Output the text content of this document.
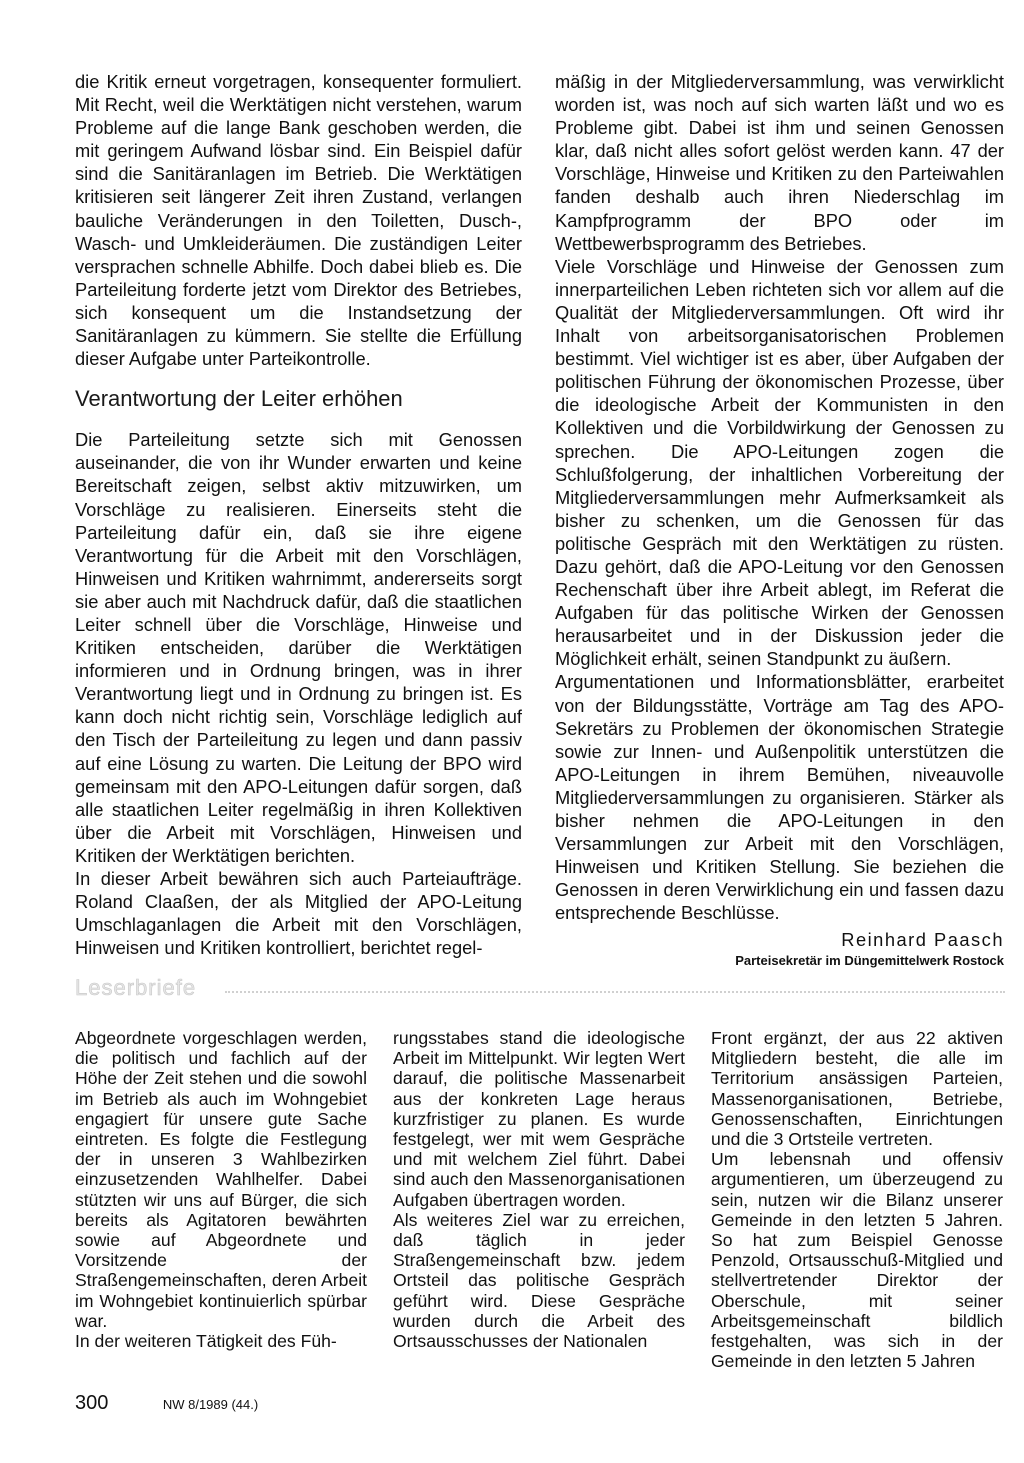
die Kritik erneut vorgetragen, konsequenter formuliert. Mit Recht, weil die Werktätigen nicht verstehen, warum Probleme auf die lange Bank geschoben werden, die mit geringem Aufwand lösbar sind. Ein Beispiel dafür sind die Sanitäranlagen im Betrieb. Die Werktätigen kritisieren seit längerer Zeit ihren Zustand, verlangen bauliche Veränderungen in den Toiletten, Dusch-, Wasch- und Umkleideräumen. Die zuständigen Leiter versprachen schnelle Abhilfe. Doch dabei blieb es. Die Parteileitung forderte jetzt vom Direktor des Betriebes, sich konsequent um die Instandsetzung der Sanitäranlagen zu kümmern. Sie stellte die Erfüllung dieser Aufgabe unter Parteikontrolle.

Verantwortung der Leiter erhöhen

Die Parteileitung setzte sich mit Genossen auseinander, die von ihr Wunder erwarten und keine Bereitschaft zeigen, selbst aktiv mitzuwirken, um Vorschläge zu realisieren. Einerseits steht die Parteileitung dafür ein, daß sie ihre eigene Verantwortung für die Arbeit mit den Vorschlägen, Hinweisen und Kritiken wahrnimmt, andererseits sorgt sie aber auch mit Nachdruck dafür, daß die staatlichen Leiter schnell über die Vorschläge, Hinweise und Kritiken entscheiden, darüber die Werktätigen informieren und in Ordnung bringen, was in ihrer Verantwortung liegt und in Ordnung zu bringen ist. Es kann doch nicht richtig sein, Vorschläge lediglich auf den Tisch der Parteileitung zu legen und dann passiv auf eine Lösung zu warten. Die Leitung der BPO wird gemeinsam mit den APO-Leitungen dafür sorgen, daß alle staatlichen Leiter regelmäßig in ihren Kollektiven über die Arbeit mit Vorschlägen, Hinweisen und Kritiken der Werktätigen berichten.

In dieser Arbeit bewähren sich auch Parteiaufträge. Roland Claaßen, der als Mitglied der APO-Leitung Umschlaganlagen die Arbeit mit den Vorschlägen, Hinweisen und Kritiken kontrolliert, berichtet regel-

mäßig in der Mitgliederversammlung, was verwirklicht worden ist, was noch auf sich warten läßt und wo es Probleme gibt. Dabei ist ihm und seinen Genossen klar, daß nicht alles sofort gelöst werden kann. 47 der Vorschläge, Hinweise und Kritiken zu den Parteiwahlen fanden deshalb auch ihren Niederschlag im Kampfprogramm der BPO oder im Wettbewerbsprogramm des Betriebes.

Viele Vorschläge und Hinweise der Genossen zum innerparteilichen Leben richteten sich vor allem auf die Qualität der Mitgliederversammlungen. Oft wird ihr Inhalt von arbeitsorganisatorischen Problemen bestimmt. Viel wichtiger ist es aber, über Aufgaben der politischen Führung der ökonomischen Prozesse, über die ideologische Arbeit der Kommunisten in den Kollektiven und die Vorbildwirkung der Genossen zu sprechen. Die APO-Leitungen zogen die Schlußfolgerung, der inhaltlichen Vorbereitung der Mitgliederversammlungen mehr Aufmerksamkeit als bisher zu schenken, um die Genossen für das politische Gespräch mit den Werktätigen zu rüsten. Dazu gehört, daß die APO-Leitung vor den Genossen Rechenschaft über ihre Arbeit ablegt, im Referat die Aufgaben für das politische Wirken der Genossen herausarbeitet und in der Diskussion jeder die Möglichkeit erhält, seinen Standpunkt zu äußern.

Argumentationen und Informationsblätter, erarbeitet von der Bildungsstätte, Vorträge am Tag des APO-Sekretärs zu Problemen der ökonomischen Strategie sowie zur Innen- und Außenpolitik unterstützen die APO-Leitungen in ihrem Bemühen, niveauvolle Mitgliederversammlungen zu organisieren. Stärker als bisher nehmen die APO-Leitungen in den Versammlungen zur Arbeit mit den Vorschlägen, Hinweisen und Kritiken Stellung. Sie beziehen die Genossen in deren Verwirklichung ein und fassen dazu entsprechende Beschlüsse.

Reinhard Paasch

Parteisekretär im Düngemittelwerk Rostock

Leserbriefe

Abgeordnete vorgeschlagen werden, die politisch und fachlich auf der Höhe der Zeit stehen und die sowohl im Betrieb als auch im Wohngebiet engagiert für unsere gute Sache eintreten. Es folgte die Festlegung der in unseren 3 Wahlbezirken einzusetzenden Wahlhelfer. Dabei stützten wir uns auf Bürger, die sich bereits als Agitatoren bewährten sowie auf Abgeordnete und Vorsitzende der Straßengemeinschaften, deren Arbeit im Wohngebiet kontinuierlich spürbar war.

In der weiteren Tätigkeit des Füh-

rungsstabes stand die ideologische Arbeit im Mittelpunkt. Wir legten Wert darauf, die politische Massenarbeit aus der konkreten Lage heraus kurzfristiger zu planen. Es wurde festgelegt, wer mit wem Gespräche und mit welchem Ziel führt. Dabei sind auch den Massenorganisationen Aufgaben übertragen worden.

Als weiteres Ziel war zu erreichen, daß täglich in jeder Straßengemeinschaft bzw. jedem Ortsteil das politische Gespräch geführt wird. Diese Gespräche wurden durch die Arbeit des Ortsausschusses der Nationalen

Front ergänzt, der aus 22 aktiven Mitgliedern besteht, die alle im Territorium ansässigen Parteien, Massenorganisationen, Betriebe, Genossenschaften, Einrichtungen und die 3 Ortsteile vertreten.

Um lebensnah und offensiv argumentieren, um überzeugend zu sein, nutzen wir die Bilanz unserer Gemeinde in den letzten 5 Jahren. So hat zum Beispiel Genosse Penzold, Ortsausschuß-Mitglied und stellvertretender Direktor der Oberschule, mit seiner Arbeitsgemeinschaft bildlich festgehalten, was sich in der Gemeinde in den letzten 5 Jahren

300	NW 8/1989 (44.)
